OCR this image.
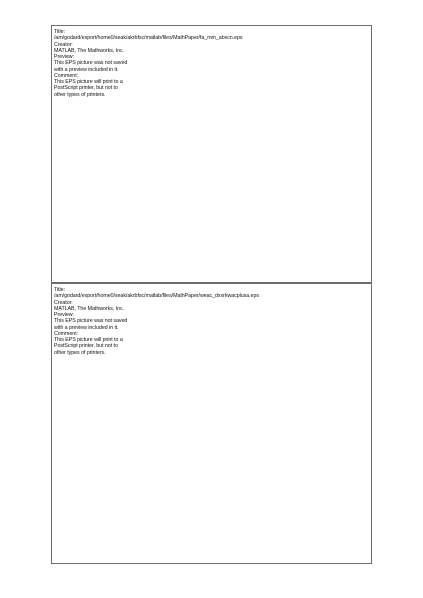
Title:
/am/godard/export/home0/seak/akrbfsc/matlab/files/MathPaper/fa_mm_abxcn.eps
Creator:
MATLAB, The Mathworks, Inc.
Preview:
This EPS picture was not saved
with a preview included in it.
Comment:
This EPS picture will print to a
PostScript printer, but not to
other types of printers.
Title:
/am/godard/export/home0/seak/akrbfsc/matlab/files/MathPaper/weac_dxxrkwacplusa.eps
Creator:
MATLAB, The Mathworks, Inc.
Preview:
This EPS picture was not saved
with a preview included in it.
Comment:
This EPS picture will print to a
PostScript printer, but not to
other types of printers.
